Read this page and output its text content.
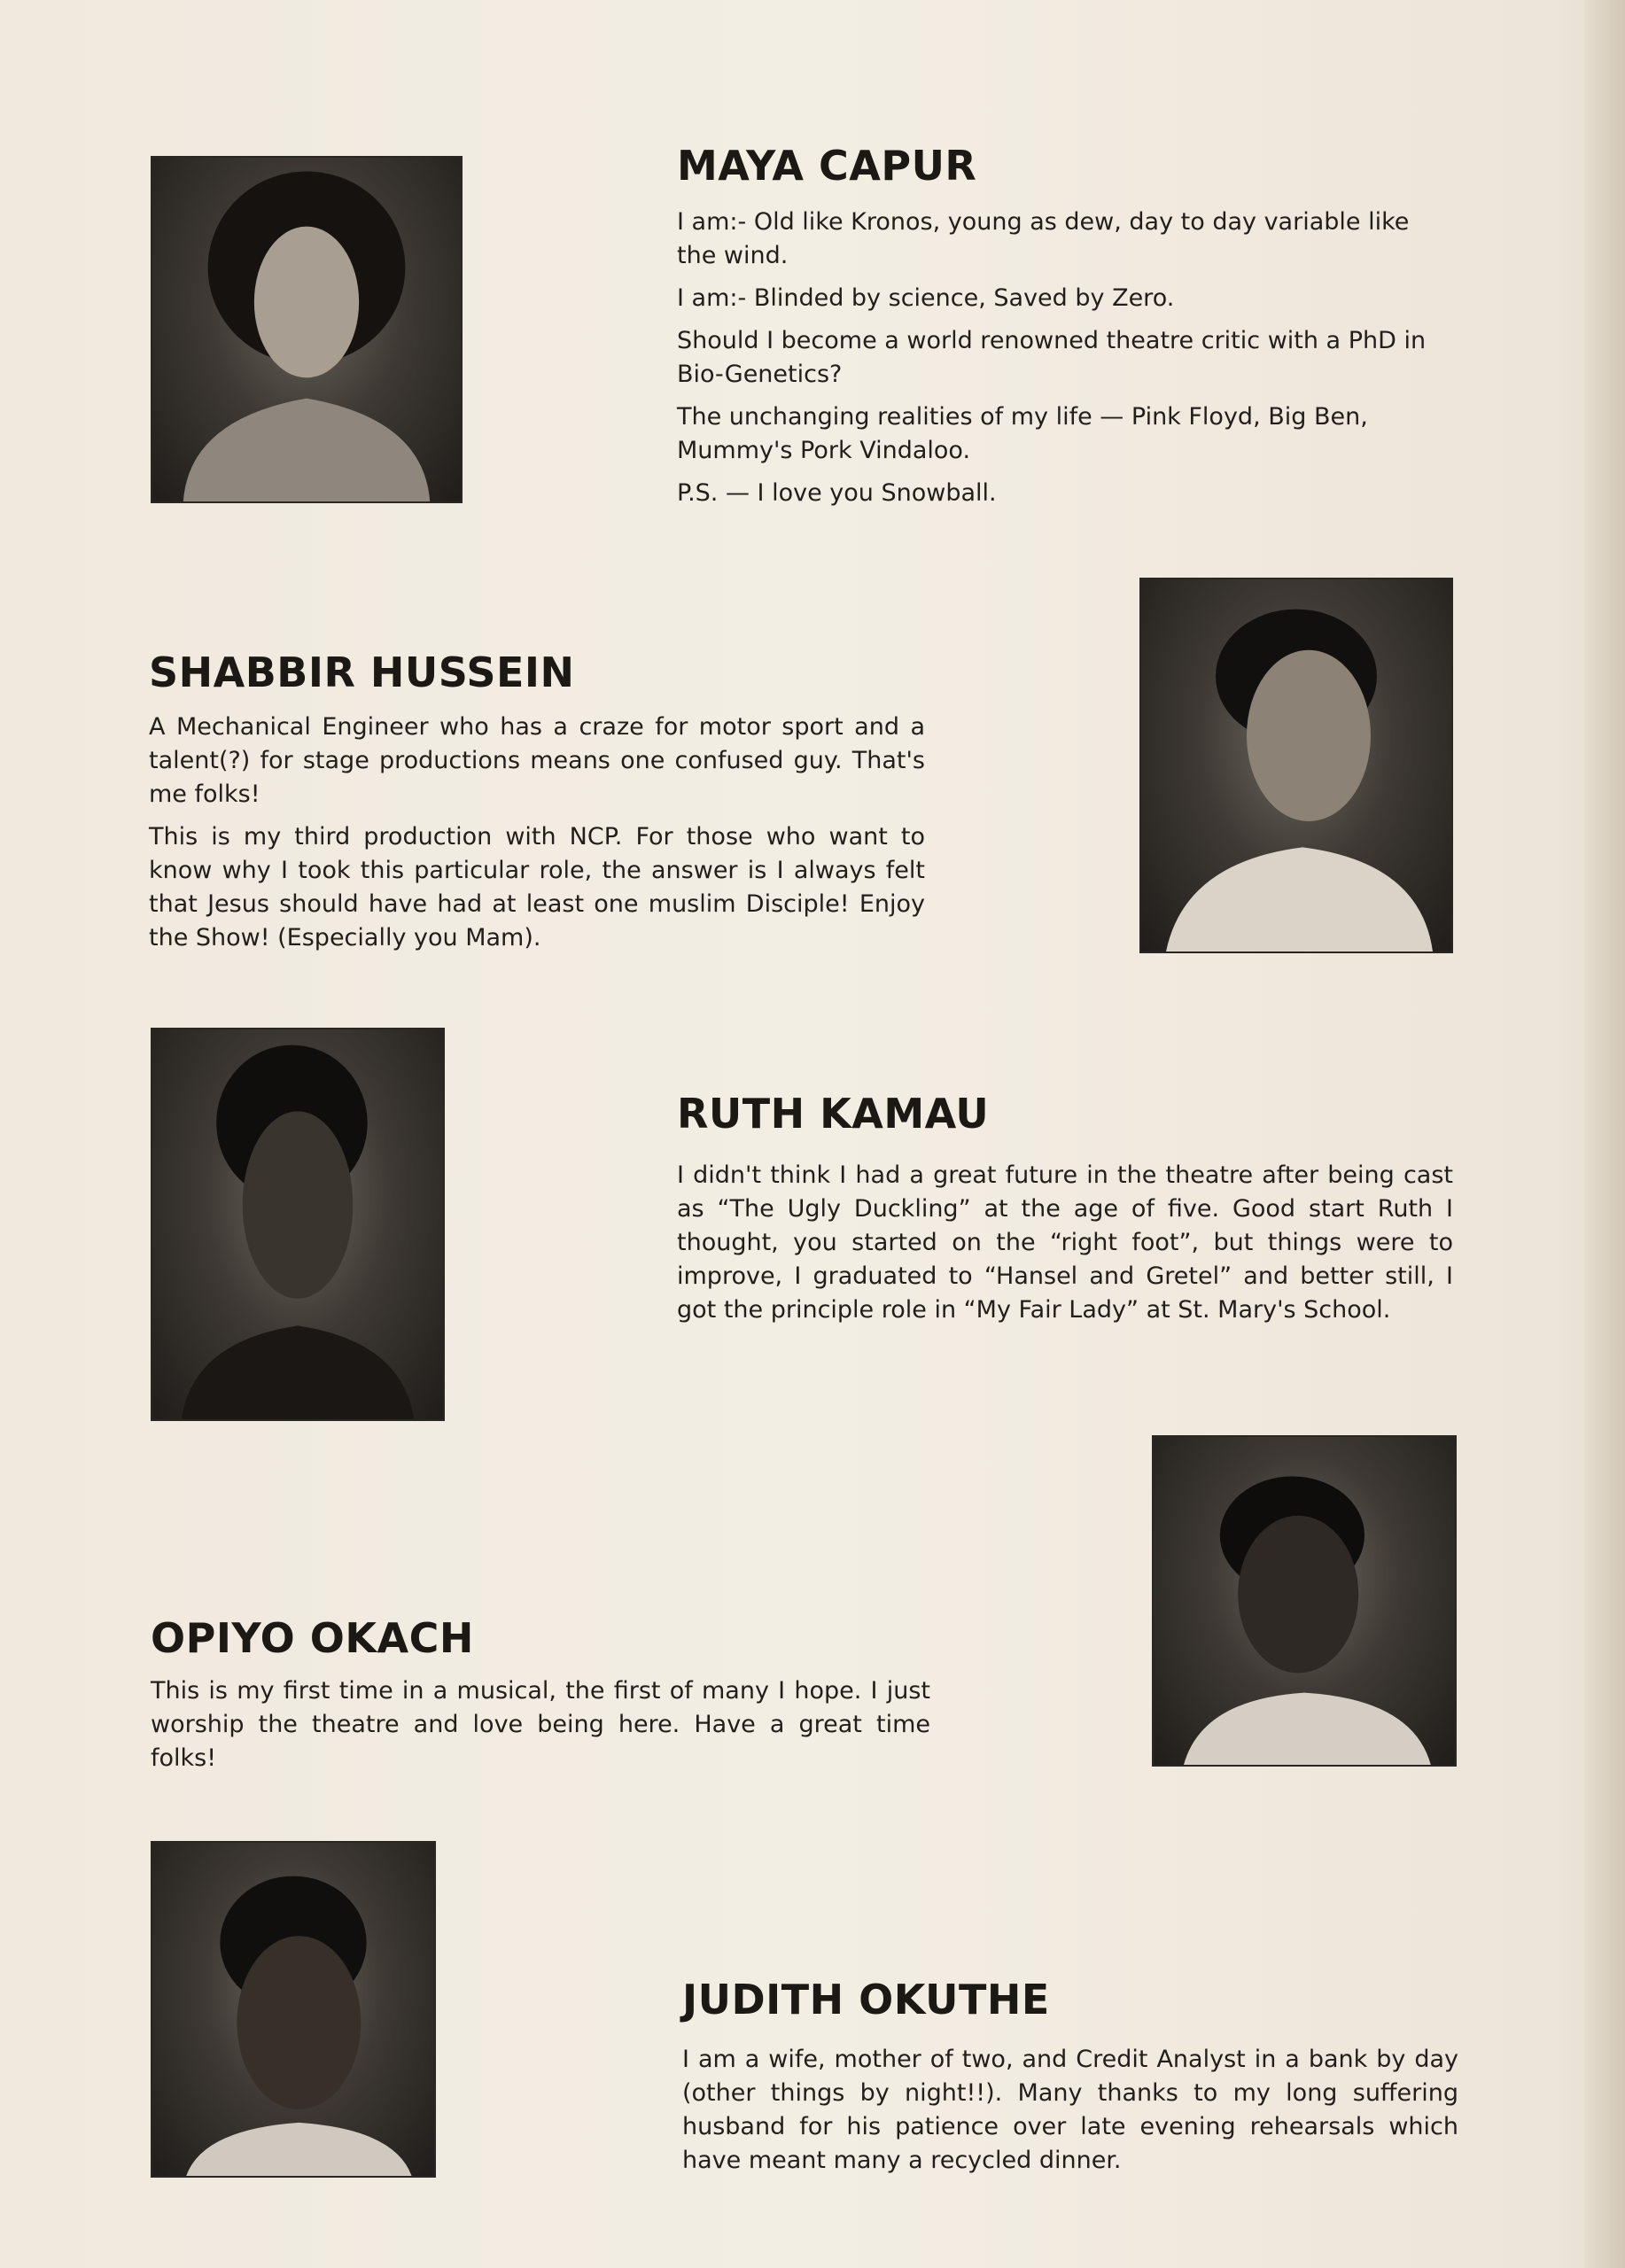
MAYA CAPUR

I am:- Old like Kronos, young as dew, day to day variable like the wind.

I am:- Blinded by science, Saved by Zero.

Should I become a world renowned theatre critic with a PhD in Bio-Genetics?

The unchanging realities of my life — Pink Floyd, Big Ben, Mummy's Pork Vindaloo.

P.S. — I love you Snowball.

SHABBIR HUSSEIN

A Mechanical Engineer who has a craze for motor sport and a talent(?) for stage productions means one confused guy. That's me folks!

This is my third production with NCP. For those who want to know why I took this particular role, the answer is I always felt that Jesus should have had at least one muslim Disciple! Enjoy the Show! (Especially you Mam).

RUTH KAMAU

I didn't think I had a great future in the theatre after being cast as “The Ugly Duckling” at the age of five. Good start Ruth I thought, you started on the “right foot”, but things were to improve, I graduated to “Hansel and Gretel” and better still, I got the principle role in “My Fair Lady” at St. Mary's School.

OPIYO OKACH

This is my first time in a musical, the first of many I hope. I just worship the theatre and love being here. Have a great time folks!

JUDITH OKUTHE

I am a wife, mother of two, and Credit Analyst in a bank by day (other things by night!!). Many thanks to my long suffering husband for his patience over late evening rehearsals which have meant many a recycled dinner.
